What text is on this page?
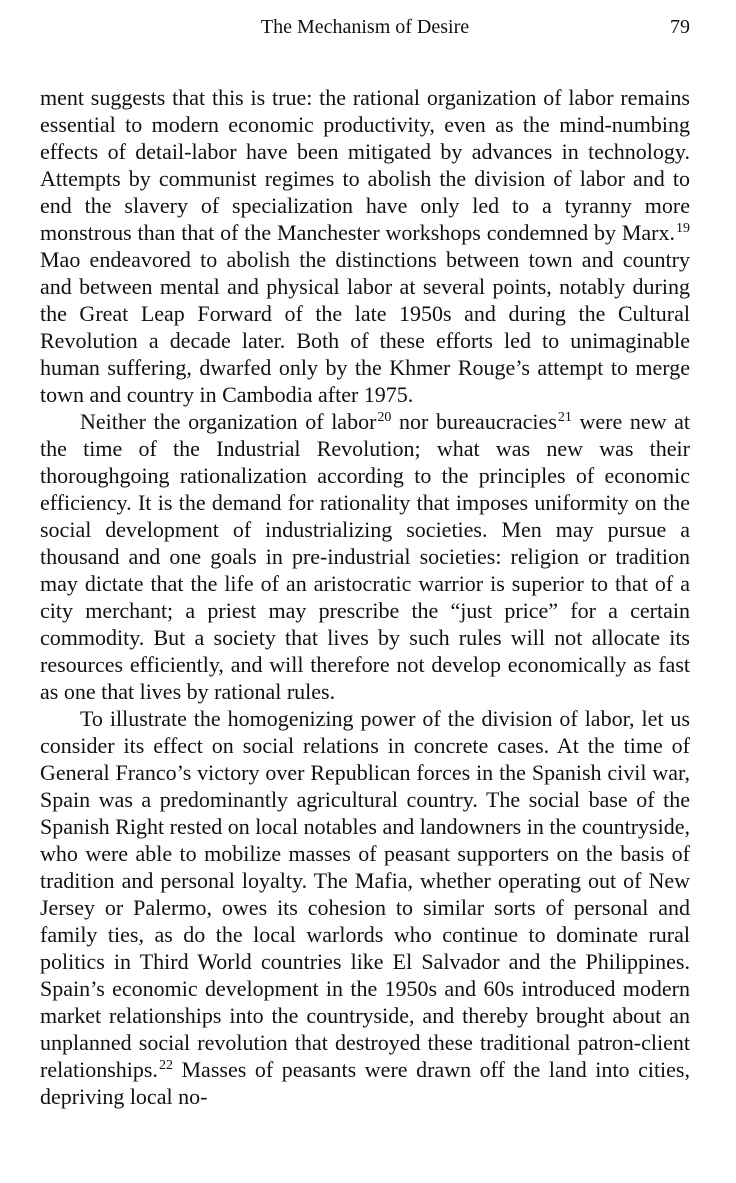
The Mechanism of Desire	79

ment suggests that this is true: the rational organization of labor remains essential to modern economic productivity, even as the mind-numbing effects of detail-labor have been mitigated by advances in technology. Attempts by communist regimes to abolish the division of labor and to end the slavery of specialization have only led to a tyranny more monstrous than that of the Manchester workshops condemned by Marx.$^{19}$ Mao endeavored to abolish the distinctions between town and country and between mental and physical labor at several points, notably during the Great Leap Forward of the late 1950s and during the Cultural Revolution a decade later. Both of these efforts led to unimaginable human suffering, dwarfed only by the Khmer Rouge’s attempt to merge town and country in Cambodia after 1975.

Neither the organization of labor$^{20}$ nor bureaucracies$^{21}$ were new at the time of the Industrial Revolution; what was new was their thoroughgoing rationalization according to the principles of economic efficiency. It is the demand for rationality that imposes uniformity on the social development of industrializing societies. Men may pursue a thousand and one goals in pre-industrial societies: religion or tradition may dictate that the life of an aristocratic warrior is superior to that of a city merchant; a priest may prescribe the “just price” for a certain commodity. But a society that lives by such rules will not allocate its resources efficiently, and will therefore not develop economically as fast as one that lives by rational rules.

To illustrate the homogenizing power of the division of labor, let us consider its effect on social relations in concrete cases. At the time of General Franco’s victory over Republican forces in the Spanish civil war, Spain was a predominantly agricultural country. The social base of the Spanish Right rested on local notables and landowners in the countryside, who were able to mobilize masses of peasant supporters on the basis of tradition and personal loyalty. The Mafia, whether operating out of New Jersey or Palermo, owes its cohesion to similar sorts of personal and family ties, as do the local warlords who continue to dominate rural politics in Third World countries like El Salvador and the Philippines. Spain’s economic development in the 1950s and 60s introduced modern market relationships into the countryside, and thereby brought about an unplanned social revolution that destroyed these traditional patron-client relationships.$^{22}$ Masses of peasants were drawn off the land into cities, depriving local no-
